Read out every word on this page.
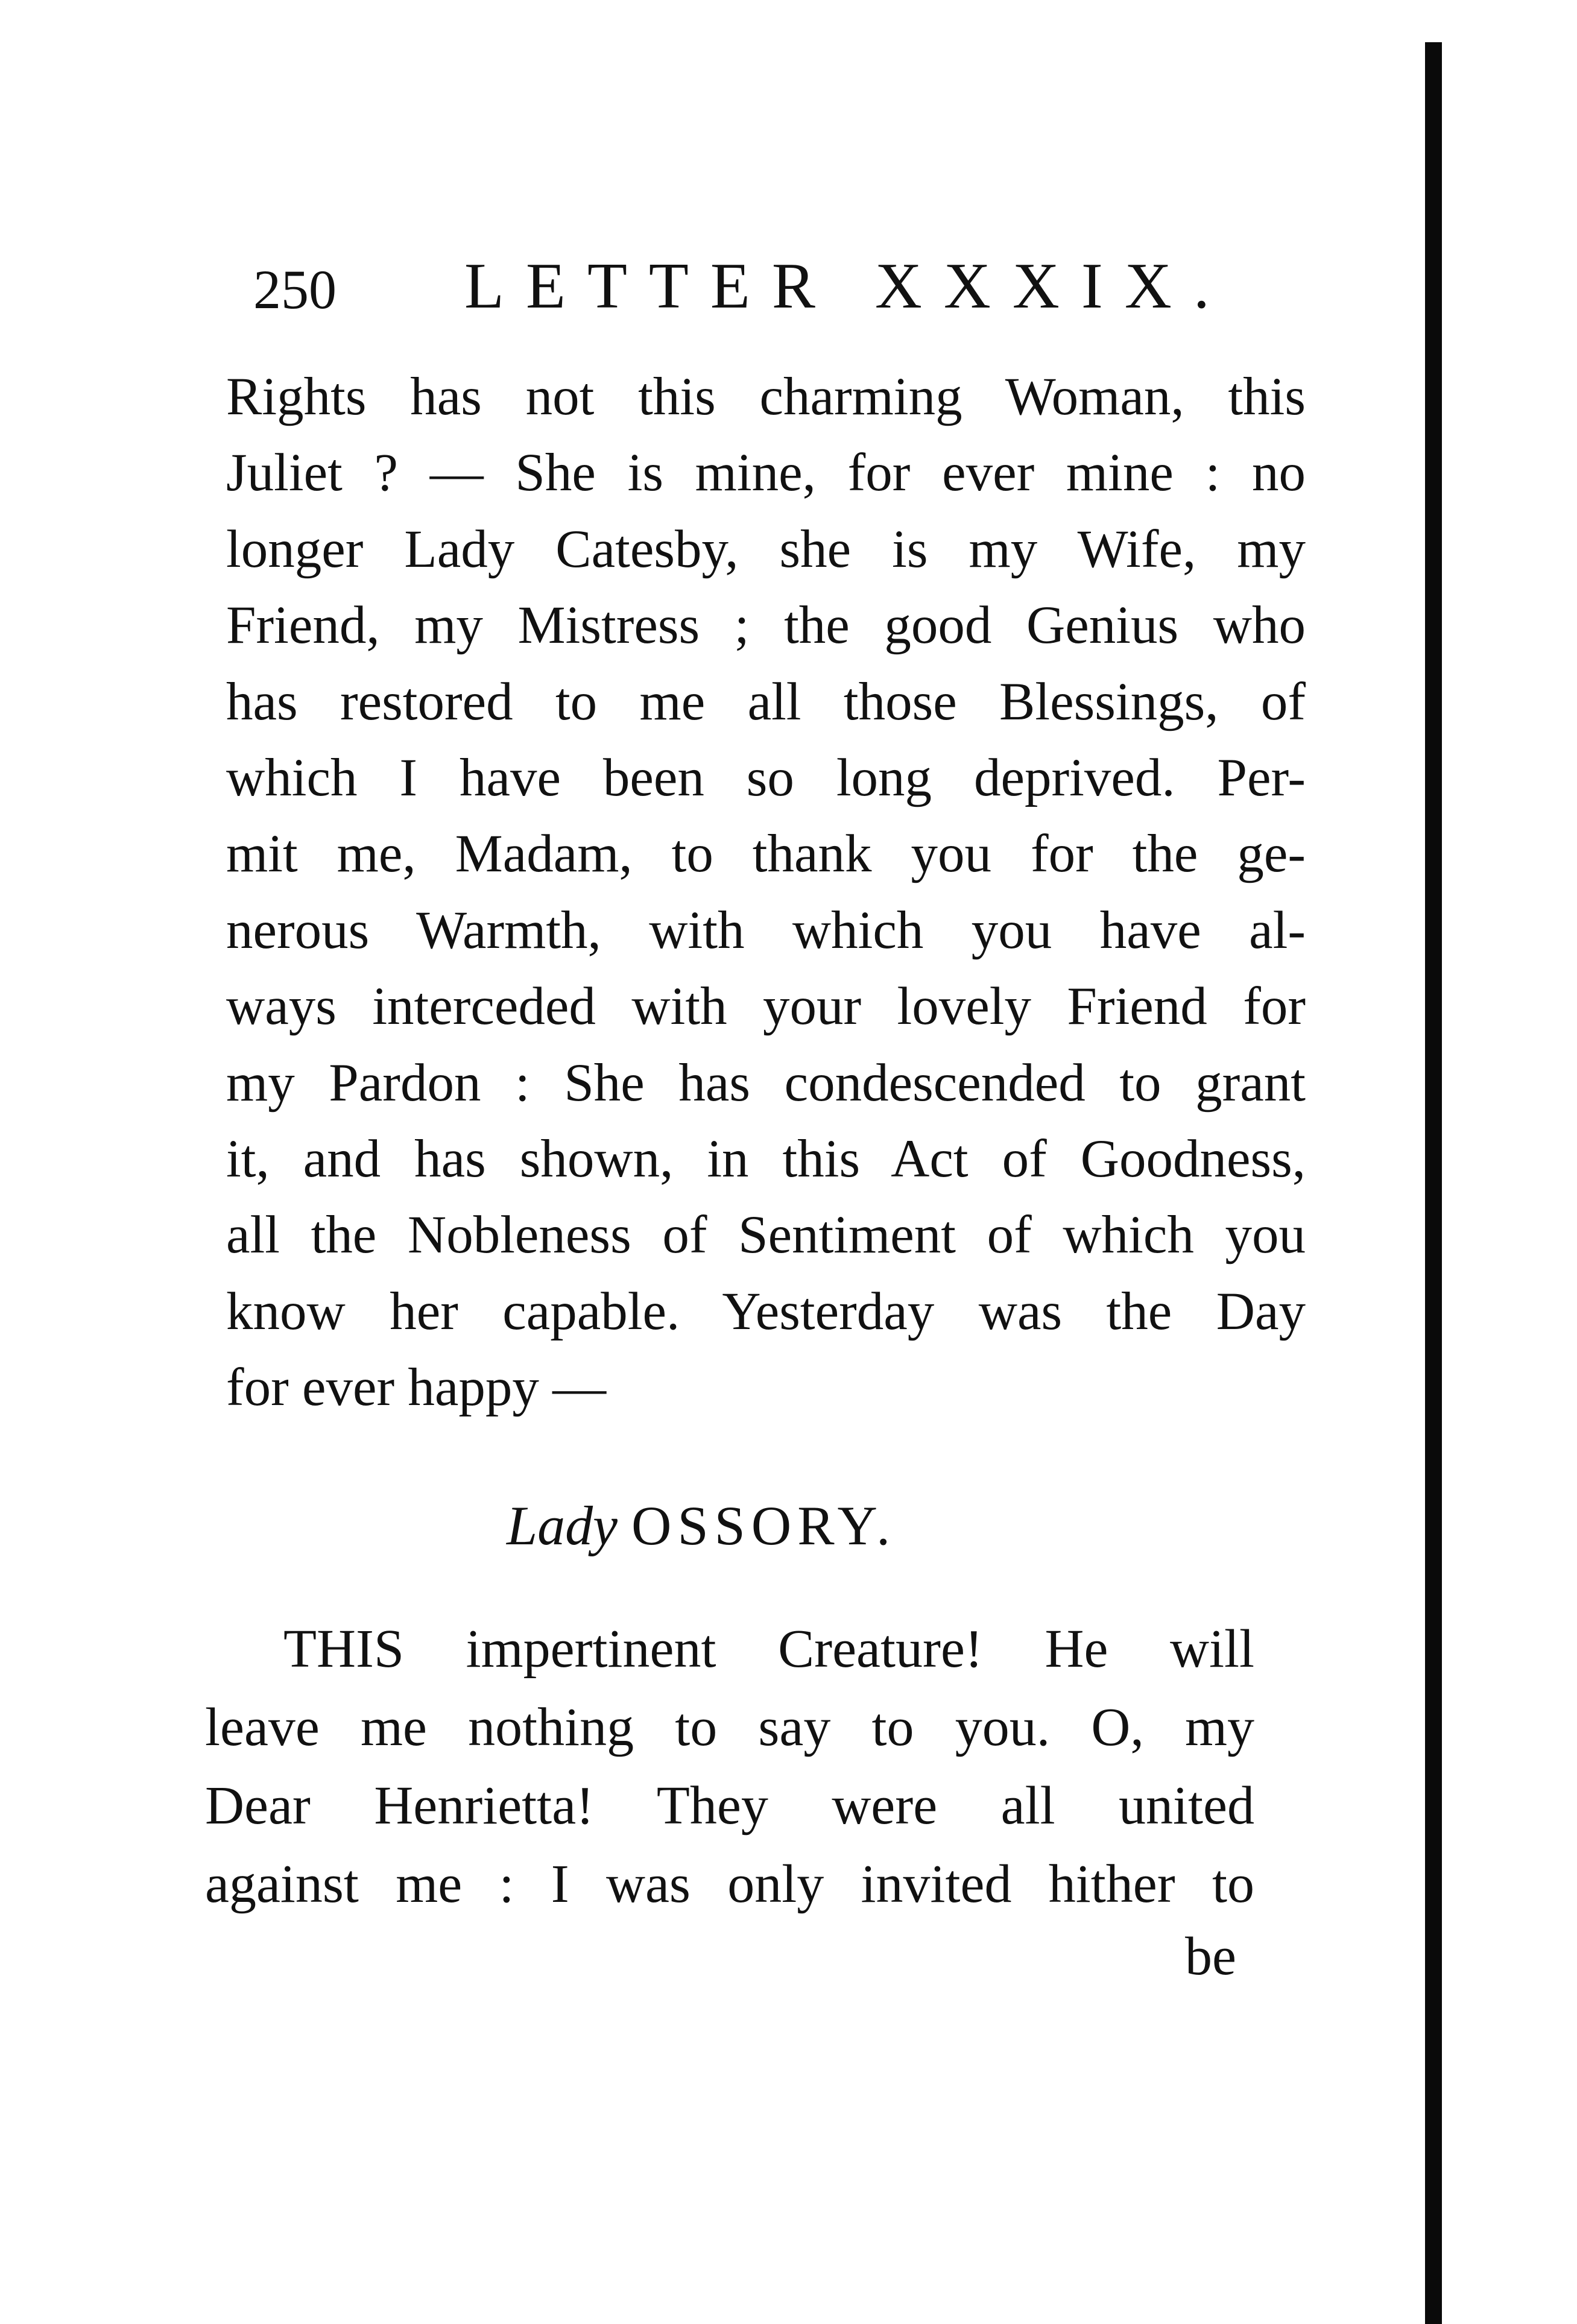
250 LETTER XXXIX.
Rights has not this charming Woman, this
Juliet ? — She is mine, for ever mine : no
longer Lady Catesby, she is my Wife, my
Friend, my Mistress ; the good Genius who
has restored to me all those Blessings, of
which I have been so long deprived. Per-
mit me, Madam, to thank you for the ge-
nerous Warmth, with which you have al-
ways interceded with your lovely Friend for
my Pardon : She has condescended to grant
it, and has shown, in this Act of Goodness,
all the Nobleness of Sentiment of which you
know her capable. Yesterday was the Day
for ever happy —
Lady OSSORY.
THIS impertinent Creature! He will
leave me nothing to say to you. O, my
Dear Henrietta! They were all united
against me : I was only invited hither to
be
